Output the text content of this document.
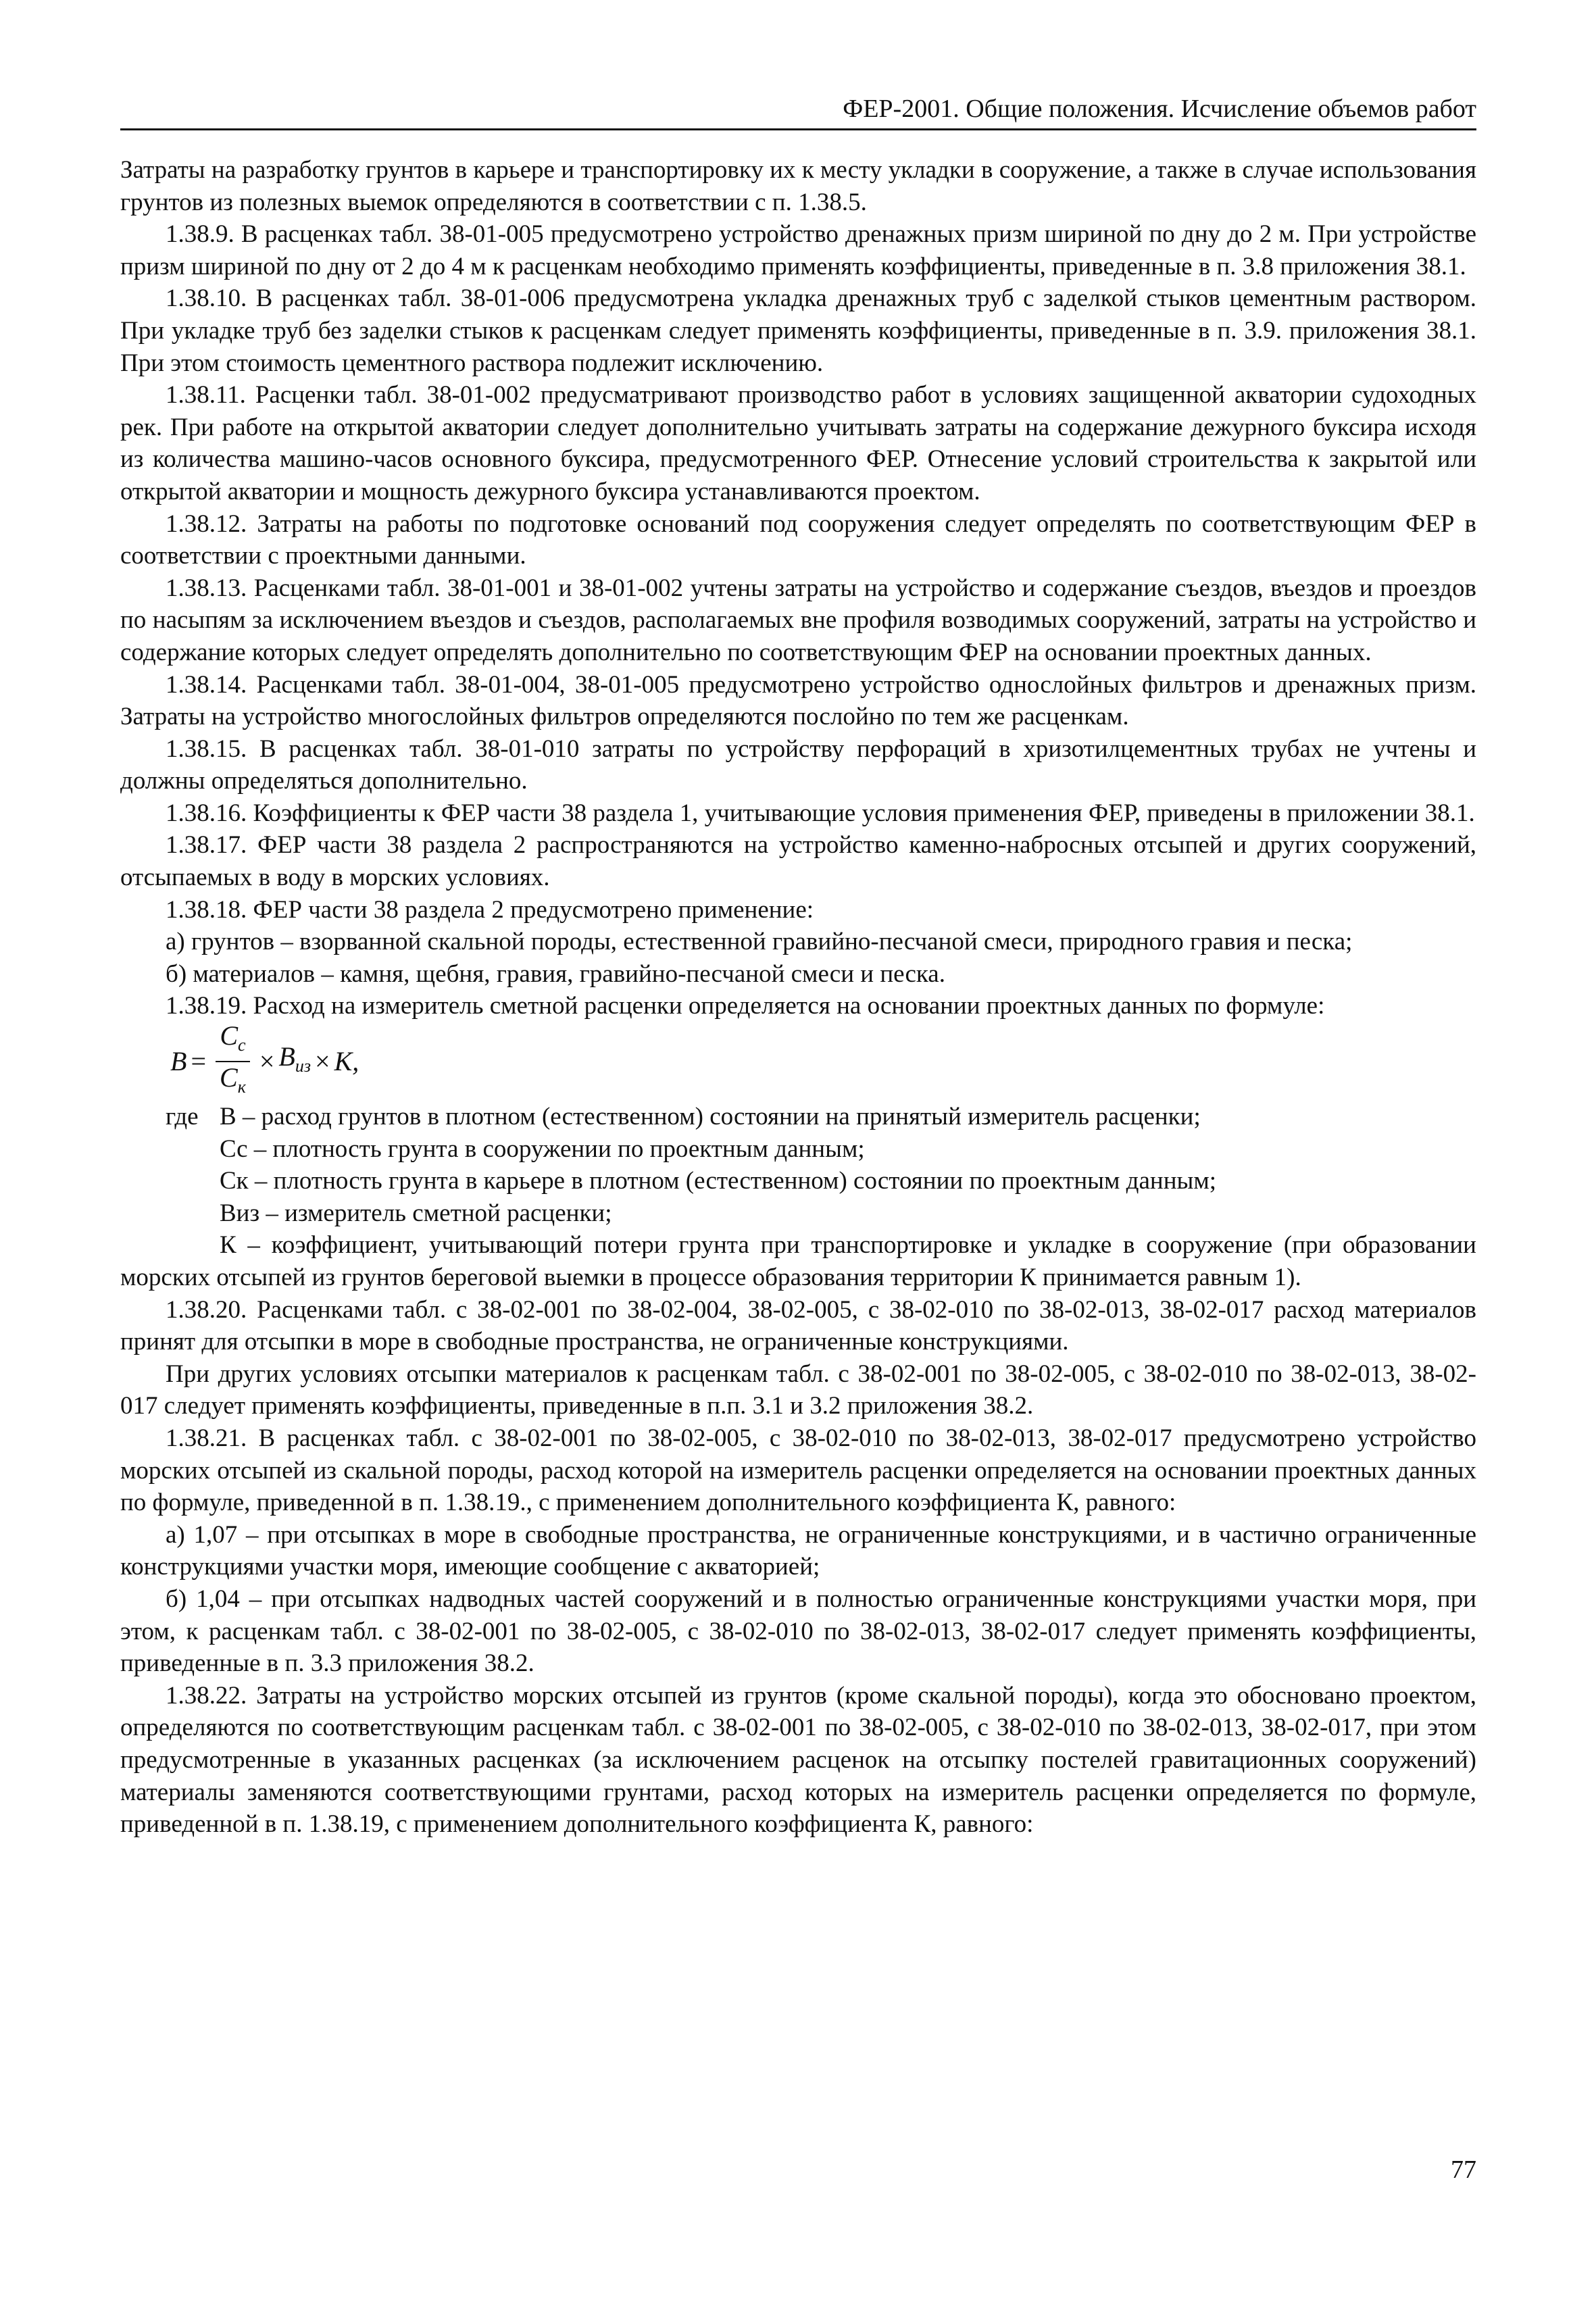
ФЕР-2001. Общие положения. Исчисление объемов работ

Затраты на разработку грунтов в карьере и транспортировку их к месту укладки в сооружение, а также в случае использования грунтов из полезных выемок определяются в соответствии с п. 1.38.5.

1.38.9. В расценках табл. 38-01-005 предусмотрено устройство дренажных призм шириной по дну до 2 м. При устройстве призм шириной по дну от 2 до 4 м к расценкам необходимо применять коэффициенты, приведенные в п. 3.8 приложения 38.1.

1.38.10. В расценках табл. 38-01-006 предусмотрена укладка дренажных труб с заделкой стыков цементным раствором. При укладке труб без заделки стыков к расценкам следует применять коэффициенты, приведенные в п. 3.9. приложения 38.1. При этом стоимость цементного раствора подлежит исключению.

1.38.11. Расценки табл. 38-01-002 предусматривают производство работ в условиях защищенной акватории судоходных рек. При работе на открытой акватории следует дополнительно учитывать затраты на содержание дежурного буксира исходя из количества машино-часов основного буксира, предусмотренного ФЕР. Отнесение условий строительства к закрытой или открытой акватории и мощность дежурного буксира устанавливаются проектом.

1.38.12. Затраты на работы по подготовке оснований под сооружения следует определять по соответствующим ФЕР в соответствии с проектными данными.

1.38.13. Расценками табл. 38-01-001 и 38-01-002 учтены затраты на устройство и содержание съездов, въездов и проездов по насыпям за исключением въездов и съездов, располагаемых вне профиля возводимых сооружений, затраты на устройство и содержание которых следует определять дополнительно по соответствующим ФЕР на основании проектных данных.

1.38.14. Расценками табл. 38-01-004, 38-01-005 предусмотрено устройство однослойных фильтров и дренажных призм. Затраты на устройство многослойных фильтров определяются послойно по тем же расценкам.

1.38.15. В расценках табл. 38-01-010 затраты по устройству перфораций в хризотилцементных трубах не учтены и должны определяться дополнительно.

1.38.16. Коэффициенты к ФЕР части 38 раздела 1, учитывающие условия применения ФЕР, приведены в приложении 38.1.

1.38.17. ФЕР части 38 раздела 2 распространяются на устройство каменно-набросных отсыпей и других сооружений, отсыпаемых в воду в морских условиях.

1.38.18. ФЕР части 38 раздела 2 предусмотрено применение:

а) грунтов – взорванной скальной породы, естественной гравийно-песчаной смеси, природного гравия и песка;

б) материалов – камня, щебня, гравия, гравийно-песчаной смеси и песка.

1.38.19. Расход на измеритель сметной расценки определяется на основании проектных данных по формуле:

$B = \frac{C_c}{C_к} \times B_{из} \times K$,
где В – расход грунтов в плотном (естественном) состоянии на принятый измеритель расценки;
Сс – плотность грунта в сооружении по проектным данным;
Ск – плотность грунта в карьере в плотном (естественном) состоянии по проектным данным;
Виз – измеритель сметной расценки;
К – коэффициент, учитывающий потери грунта при транспортировке и укладке в сооружение (при образовании морских отсыпей из грунтов береговой выемки в процессе образования территории К принимается равным 1).

1.38.20. Расценками табл. с 38-02-001 по 38-02-004, 38-02-005, с 38-02-010 по 38-02-013, 38-02-017 расход материалов принят для отсыпки в море в свободные пространства, не ограниченные конструкциями.

При других условиях отсыпки материалов к расценкам табл. с 38-02-001 по 38-02-005, с 38-02-010 по 38-02-013, 38-02-017 следует применять коэффициенты, приведенные в п.п. 3.1 и 3.2 приложения 38.2.

1.38.21. В расценках табл. с 38-02-001 по 38-02-005, с 38-02-010 по 38-02-013, 38-02-017 предусмотрено устройство морских отсыпей из скальной породы, расход которой на измеритель расценки определяется на основании проектных данных по формуле, приведенной в п. 1.38.19., с применением дополнительного коэффициента К, равного:

а) 1,07 – при отсыпках в море в свободные пространства, не ограниченные конструкциями, и в частично ограниченные конструкциями участки моря, имеющие сообщение с акваторией;

б) 1,04 – при отсыпках надводных частей сооружений и в полностью ограниченные конструкциями участки моря, при этом, к расценкам табл. с 38-02-001 по 38-02-005, с 38-02-010 по 38-02-013, 38-02-017 следует применять коэффициенты, приведенные в п. 3.3 приложения 38.2.

1.38.22. Затраты на устройство морских отсыпей из грунтов (кроме скальной породы), когда это обосновано проектом, определяются по соответствующим расценкам табл. с 38-02-001 по 38-02-005, с 38-02-010 по 38-02-013, 38-02-017, при этом предусмотренные в указанных расценках (за исключением расценок на отсыпку постелей гравитационных сооружений) материалы заменяются соответствующими грунтами, расход которых на измеритель расценки определяется по формуле, приведенной в п. 1.38.19, с применением дополнительного коэффициента К, равного:

77
